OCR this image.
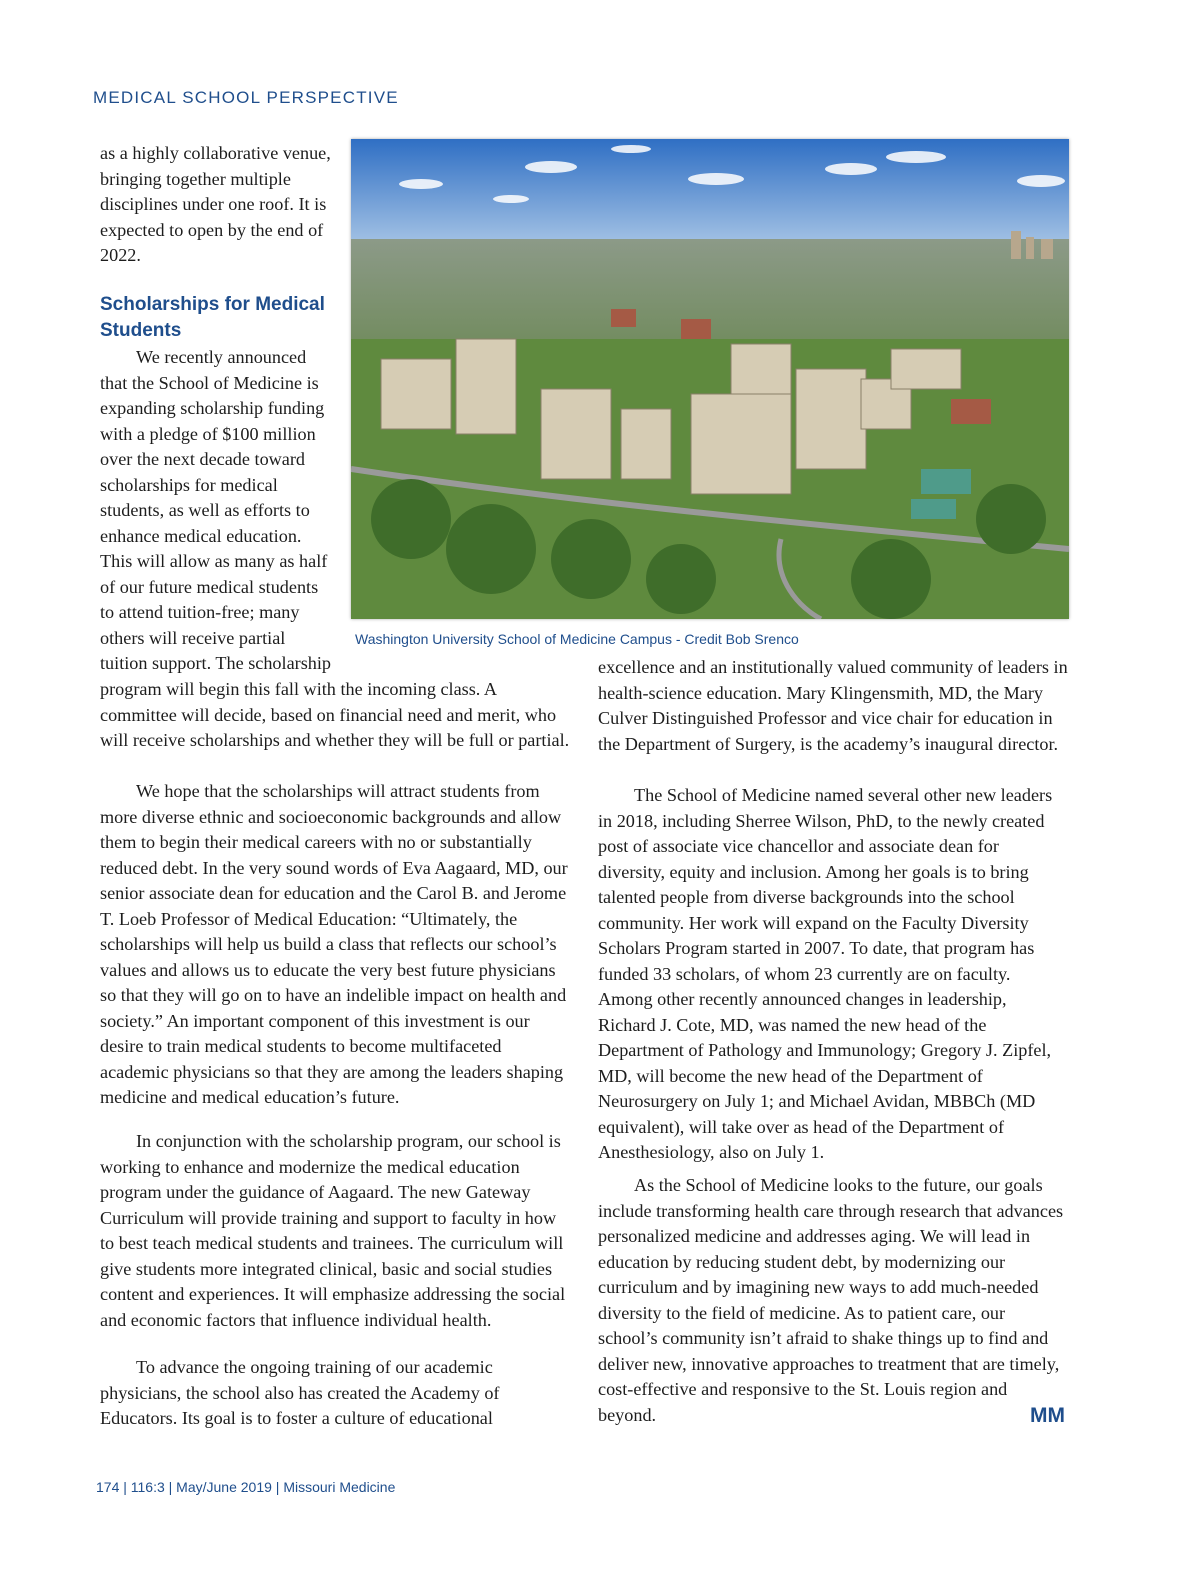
MEDICAL SCHOOL PERSPECTIVE
Washington University School of Medicine Campus - Credit Bob Srenco

as a highly collaborative venue, bringing together multiple disciplines under one roof. It is expected to open by the end of 2022.

Scholarships for Medical Students

We recently announced that the School of Medicine is expanding scholarship funding with a pledge of $100 million over the next decade toward scholarships for medical students, as well as efforts to enhance medical education. This will allow as many as half of our future medical students to attend tuition-free; many others will receive partial tuition support. The scholarship

program will begin this fall with the incoming class. A committee will decide, based on financial need and merit, who will receive scholarships and whether they will be full or partial.

We hope that the scholarships will attract students from more diverse ethnic and socioeconomic backgrounds and allow them to begin their medical careers with no or substantially reduced debt. In the very sound words of Eva Aagaard, MD, our senior associate dean for education and the Carol B. and Jerome T. Loeb Professor of Medical Education: “Ultimately, the scholarships will help us build a class that reflects our school’s values and allows us to educate the very best future physicians so that they will go on to have an indelible impact on health and society.” An important component of this investment is our desire to train medical students to become multifaceted academic physicians so that they are among the leaders shaping medicine and medical education’s future.

In conjunction with the scholarship program, our school is working to enhance and modernize the medical education program under the guidance of Aagaard. The new Gateway Curriculum will provide training and support to faculty in how to best teach medical students and trainees. The curriculum will give students more integrated clinical, basic and social studies content and experiences. It will emphasize addressing the social and economic factors that influence individual health.

To advance the ongoing training of our academic physicians, the school also has created the Academy of Educators. Its goal is to foster a culture of educational

excellence and an institutionally valued community of leaders in health-science education. Mary Klingensmith, MD, the Mary Culver Distinguished Professor and vice chair for education in the Department of Surgery, is the academy’s inaugural director.

The School of Medicine named several other new leaders in 2018, including Sherree Wilson, PhD, to the newly created post of associate vice chancellor and associate dean for diversity, equity and inclusion. Among her goals is to bring talented people from diverse backgrounds into the school community. Her work will expand on the Faculty Diversity Scholars Program started in 2007. To date, that program has funded 33 scholars, of whom 23 currently are on faculty. Among other recently announced changes in leadership, Richard J. Cote, MD, was named the new head of the Department of Pathology and Immunology; Gregory J. Zipfel, MD, will become the new head of the Department of Neurosurgery on July 1; and Michael Avidan, MBBCh (MD equivalent), will take over as head of the Department of Anesthesiology, also on July 1.

As the School of Medicine looks to the future, our goals include transforming health care through research that advances personalized medicine and addresses aging. We will lead in education by reducing student debt, by modernizing our curriculum and by imagining new ways to add much-needed diversity to the field of medicine. As to patient care, our school’s community isn’t afraid to shake things up to find and deliver new, innovative approaches to treatment that are timely, cost-effective and responsive to the St. Louis region and beyond.	MM
174 | 116:3 | May/June 2019 | Missouri Medicine
